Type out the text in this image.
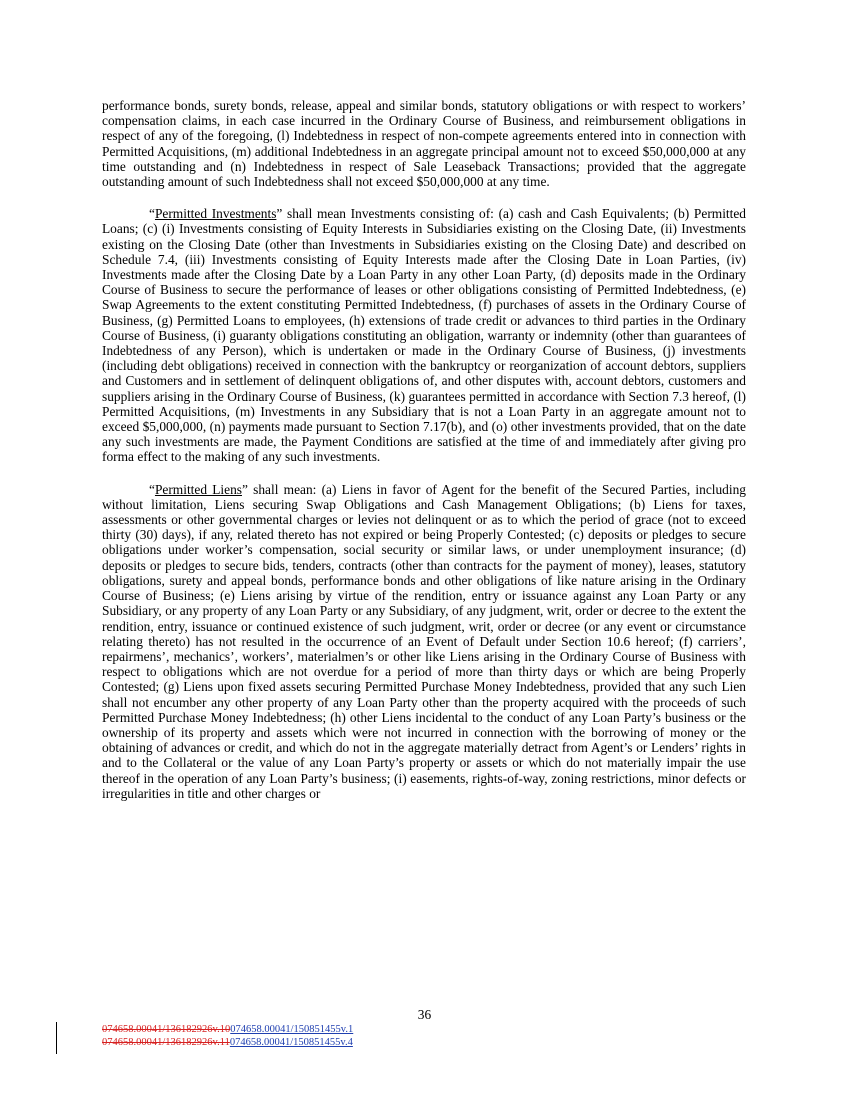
performance bonds, surety bonds, release, appeal and similar bonds, statutory obligations or with respect to workers’ compensation claims, in each case incurred in the Ordinary Course of Business, and reimbursement obligations in respect of any of the foregoing, (l) Indebtedness in respect of non-compete agreements entered into in connection with Permitted Acquisitions, (m) additional Indebtedness in an aggregate principal amount not to exceed $50,000,000 at any time outstanding and (n) Indebtedness in respect of Sale Leaseback Transactions; provided that the aggregate outstanding amount of such Indebtedness shall not exceed $50,000,000 at any time.

“Permitted Investments” shall mean Investments consisting of: (a) cash and Cash Equivalents; (b) Permitted Loans; (c) (i) Investments consisting of Equity Interests in Subsidiaries existing on the Closing Date, (ii) Investments existing on the Closing Date (other than Investments in Subsidiaries existing on the Closing Date) and described on Schedule 7.4, (iii) Investments consisting of Equity Interests made after the Closing Date in Loan Parties, (iv) Investments made after the Closing Date by a Loan Party in any other Loan Party, (d) deposits made in the Ordinary Course of Business to secure the performance of leases or other obligations consisting of Permitted Indebtedness, (e) Swap Agreements to the extent constituting Permitted Indebtedness, (f) purchases of assets in the Ordinary Course of Business, (g) Permitted Loans to employees, (h) extensions of trade credit or advances to third parties in the Ordinary Course of Business, (i) guaranty obligations constituting an obligation, warranty or indemnity (other than guarantees of Indebtedness of any Person), which is undertaken or made in the Ordinary Course of Business, (j) investments (including debt obligations) received in connection with the bankruptcy or reorganization of account debtors, suppliers and Customers and in settlement of delinquent obligations of, and other disputes with, account debtors, customers and suppliers arising in the Ordinary Course of Business, (k) guarantees permitted in accordance with Section 7.3 hereof, (l) Permitted Acquisitions, (m) Investments in any Subsidiary that is not a Loan Party in an aggregate amount not to exceed $5,000,000, (n) payments made pursuant to Section 7.17(b), and (o) other investments provided, that on the date any such investments are made, the Payment Conditions are satisfied at the time of and immediately after giving pro forma effect to the making of any such investments.

“Permitted Liens” shall mean: (a) Liens in favor of Agent for the benefit of the Secured Parties, including without limitation, Liens securing Swap Obligations and Cash Management Obligations; (b) Liens for taxes, assessments or other governmental charges or levies not delinquent or as to which the period of grace (not to exceed thirty (30) days), if any, related thereto has not expired or being Properly Contested; (c) deposits or pledges to secure obligations under worker’s compensation, social security or similar laws, or under unemployment insurance; (d) deposits or pledges to secure bids, tenders, contracts (other than contracts for the payment of money), leases, statutory obligations, surety and appeal bonds, performance bonds and other obligations of like nature arising in the Ordinary Course of Business; (e) Liens arising by virtue of the rendition, entry or issuance against any Loan Party or any Subsidiary, or any property of any Loan Party or any Subsidiary, of any judgment, writ, order or decree to the extent the rendition, entry, issuance or continued existence of such judgment, writ, order or decree (or any event or circumstance relating thereto) has not resulted in the occurrence of an Event of Default under Section 10.6 hereof; (f) carriers’, repairmens’, mechanics’, workers’, materialmen’s or other like Liens arising in the Ordinary Course of Business with respect to obligations which are not overdue for a period of more than thirty days or which are being Properly Contested; (g) Liens upon fixed assets securing Permitted Purchase Money Indebtedness, provided that any such Lien shall not encumber any other property of any Loan Party other than the property acquired with the proceeds of such Permitted Purchase Money Indebtedness; (h) other Liens incidental to the conduct of any Loan Party’s business or the ownership of its property and assets which were not incurred in connection with the borrowing of money or the obtaining of advances or credit, and which do not in the aggregate materially detract from Agent’s or Lenders’ rights in and to the Collateral or the value of any Loan Party’s property or assets or which do not materially impair the use thereof in the operation of any Loan Party’s business; (i) easements, rights-of-way, zoning restrictions, minor defects or irregularities in title and other charges or

36
074658.00041/136182926v.10074658.00041/150851455v.1
074658.00041/136182926v.11074658.00041/150851455v.4
